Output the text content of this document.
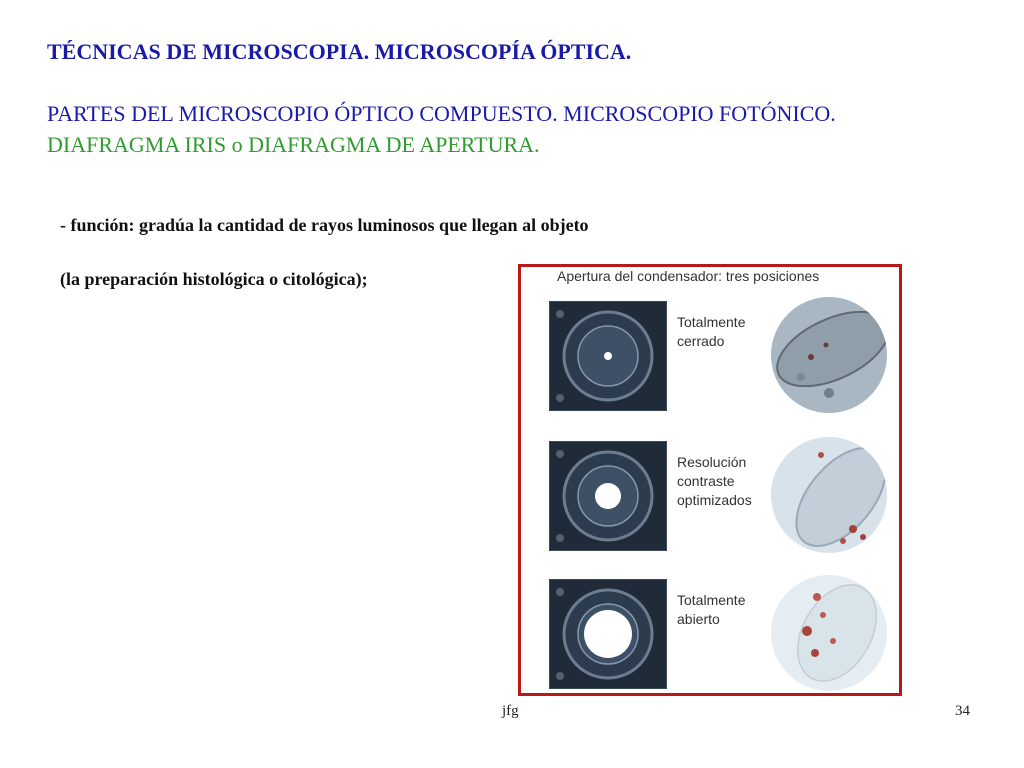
TÉCNICAS DE MICROSCOPIA. MICROSCOPÍA ÓPTICA.

PARTES DEL MICROSCOPIO ÓPTICO COMPUESTO. MICROSCOPIO FOTÓNICO. DIAFRAGMA IRIS o DIAFRAGMA DE APERTURA.

- función: gradúa la cantidad de rayos luminosos que llegan al objeto
(la preparación histológica o citológica);	Apertura del condensador: tres posiciones
Totalmente
cerrado
Resolución
contraste
optimizados
Totalmente
abierto
jfg	34
